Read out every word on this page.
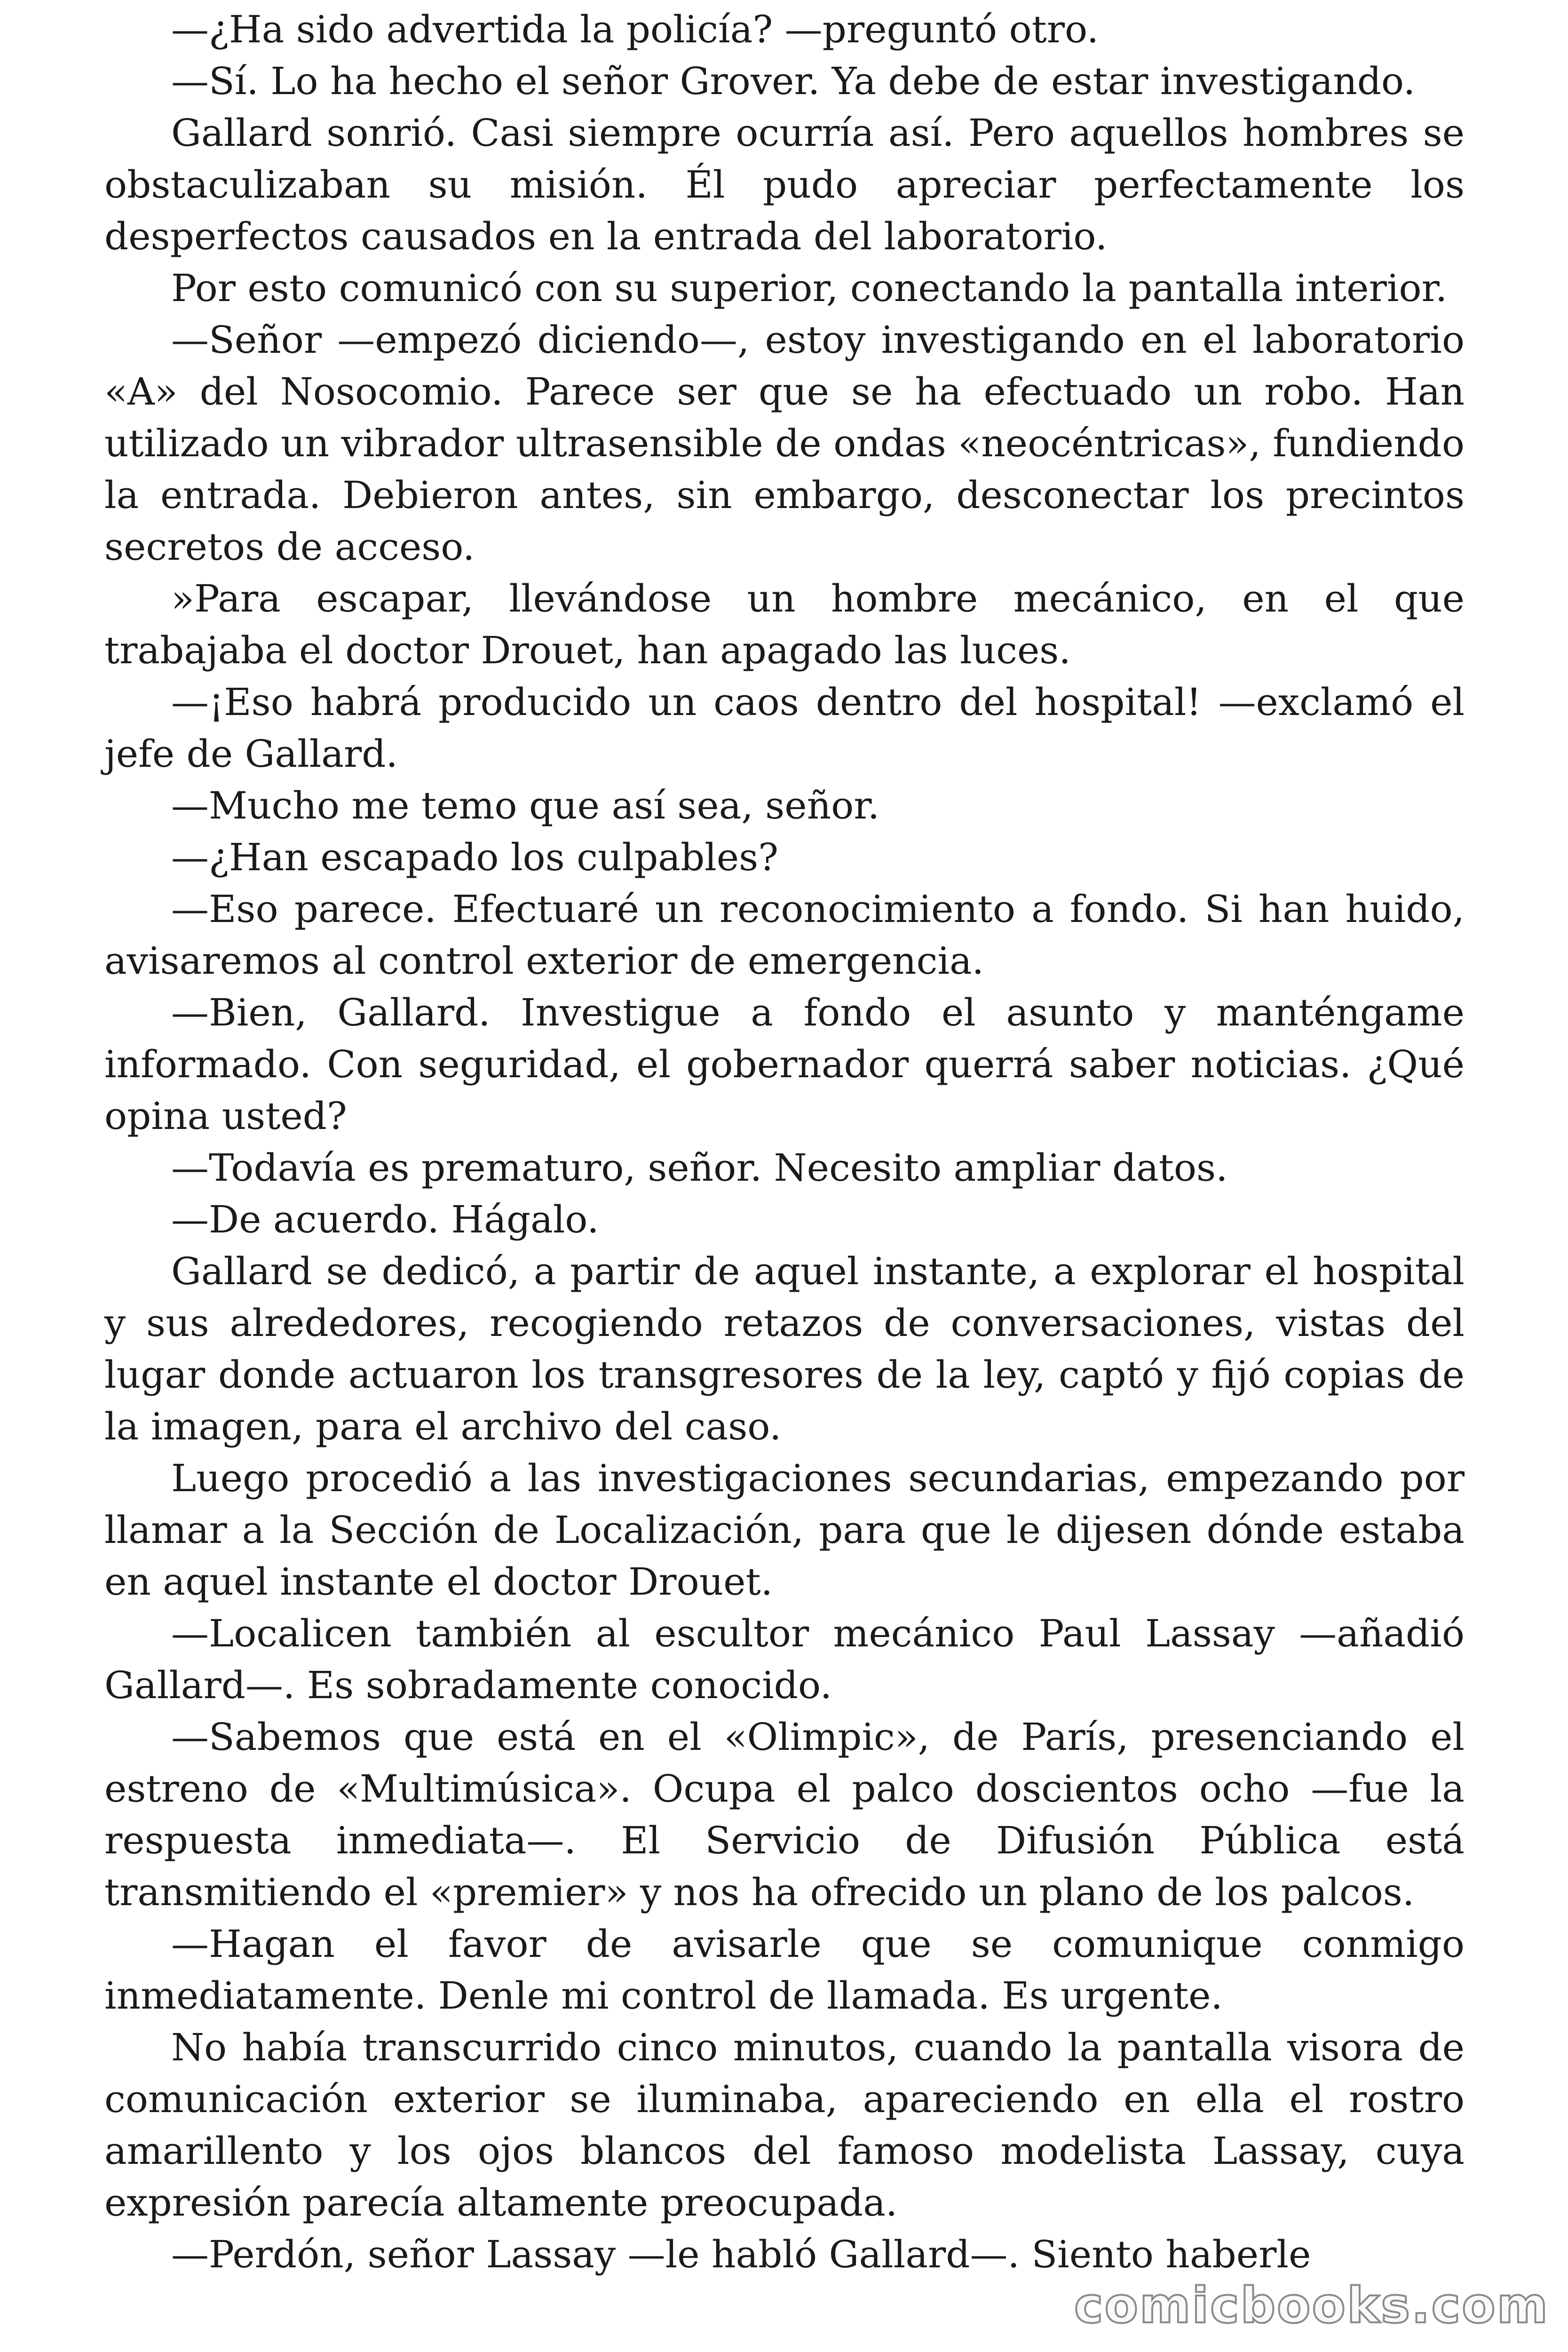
—¿Ha sido advertida la policía? —preguntó otro.

—Sí. Lo ha hecho el señor Grover. Ya debe de estar investigando.

Gallard sonrió. Casi siempre ocurría así. Pero aquellos hombres se obstaculizaban su misión. Él pudo apreciar perfectamente los desperfectos causados en la entrada del laboratorio.

Por esto comunicó con su superior, conectando la pantalla interior.

—Señor —empezó diciendo—, estoy investigando en el laboratorio «A» del Nosocomio. Parece ser que se ha efectuado un robo. Han utilizado un vibrador ultrasensible de ondas «neocéntricas», fundiendo la entrada. Debieron antes, sin embargo, desconectar los precintos secretos de acceso.

»Para escapar, llevándose un hombre mecánico, en el que trabajaba el doctor Drouet, han apagado las luces.

—¡Eso habrá producido un caos dentro del hospital! —exclamó el jefe de Gallard.

—Mucho me temo que así sea, señor.

—¿Han escapado los culpables?

—Eso parece. Efectuaré un reconocimiento a fondo. Si han huido, avisaremos al control exterior de emergencia.

—Bien, Gallard. Investigue a fondo el asunto y manténgame informado. Con seguridad, el gobernador querrá saber noticias. ¿Qué opina usted?

—Todavía es prematuro, señor. Necesito ampliar datos.

—De acuerdo. Hágalo.

Gallard se dedicó, a partir de aquel instante, a explorar el hospital y sus alrededores, recogiendo retazos de conversaciones, vistas del lugar donde actuaron los transgresores de la ley, captó y fijó copias de la imagen, para el archivo del caso.

Luego procedió a las investigaciones secundarias, empezando por llamar a la Sección de Localización, para que le dijesen dónde estaba en aquel instante el doctor Drouet.

—Localicen también al escultor mecánico Paul Lassay —añadió Gallard—. Es sobradamente conocido.

—Sabemos que está en el «Olimpic», de París, presenciando el estreno de «Multimúsica». Ocupa el palco doscientos ocho —fue la respuesta inmediata—. El Servicio de Difusión Pública está transmitiendo el «premier» y nos ha ofrecido un plano de los palcos.

—Hagan el favor de avisarle que se comunique conmigo inmediatamente. Denle mi control de llamada. Es urgente.

No había transcurrido cinco minutos, cuando la pantalla visora de comunicación exterior se iluminaba, apareciendo en ella el rostro amarillento y los ojos blancos del famoso modelista Lassay, cuya expresión parecía altamente preocupada.

—Perdón, señor Lassay —le habló Gallard—. Siento haberle

comicbooks.com
